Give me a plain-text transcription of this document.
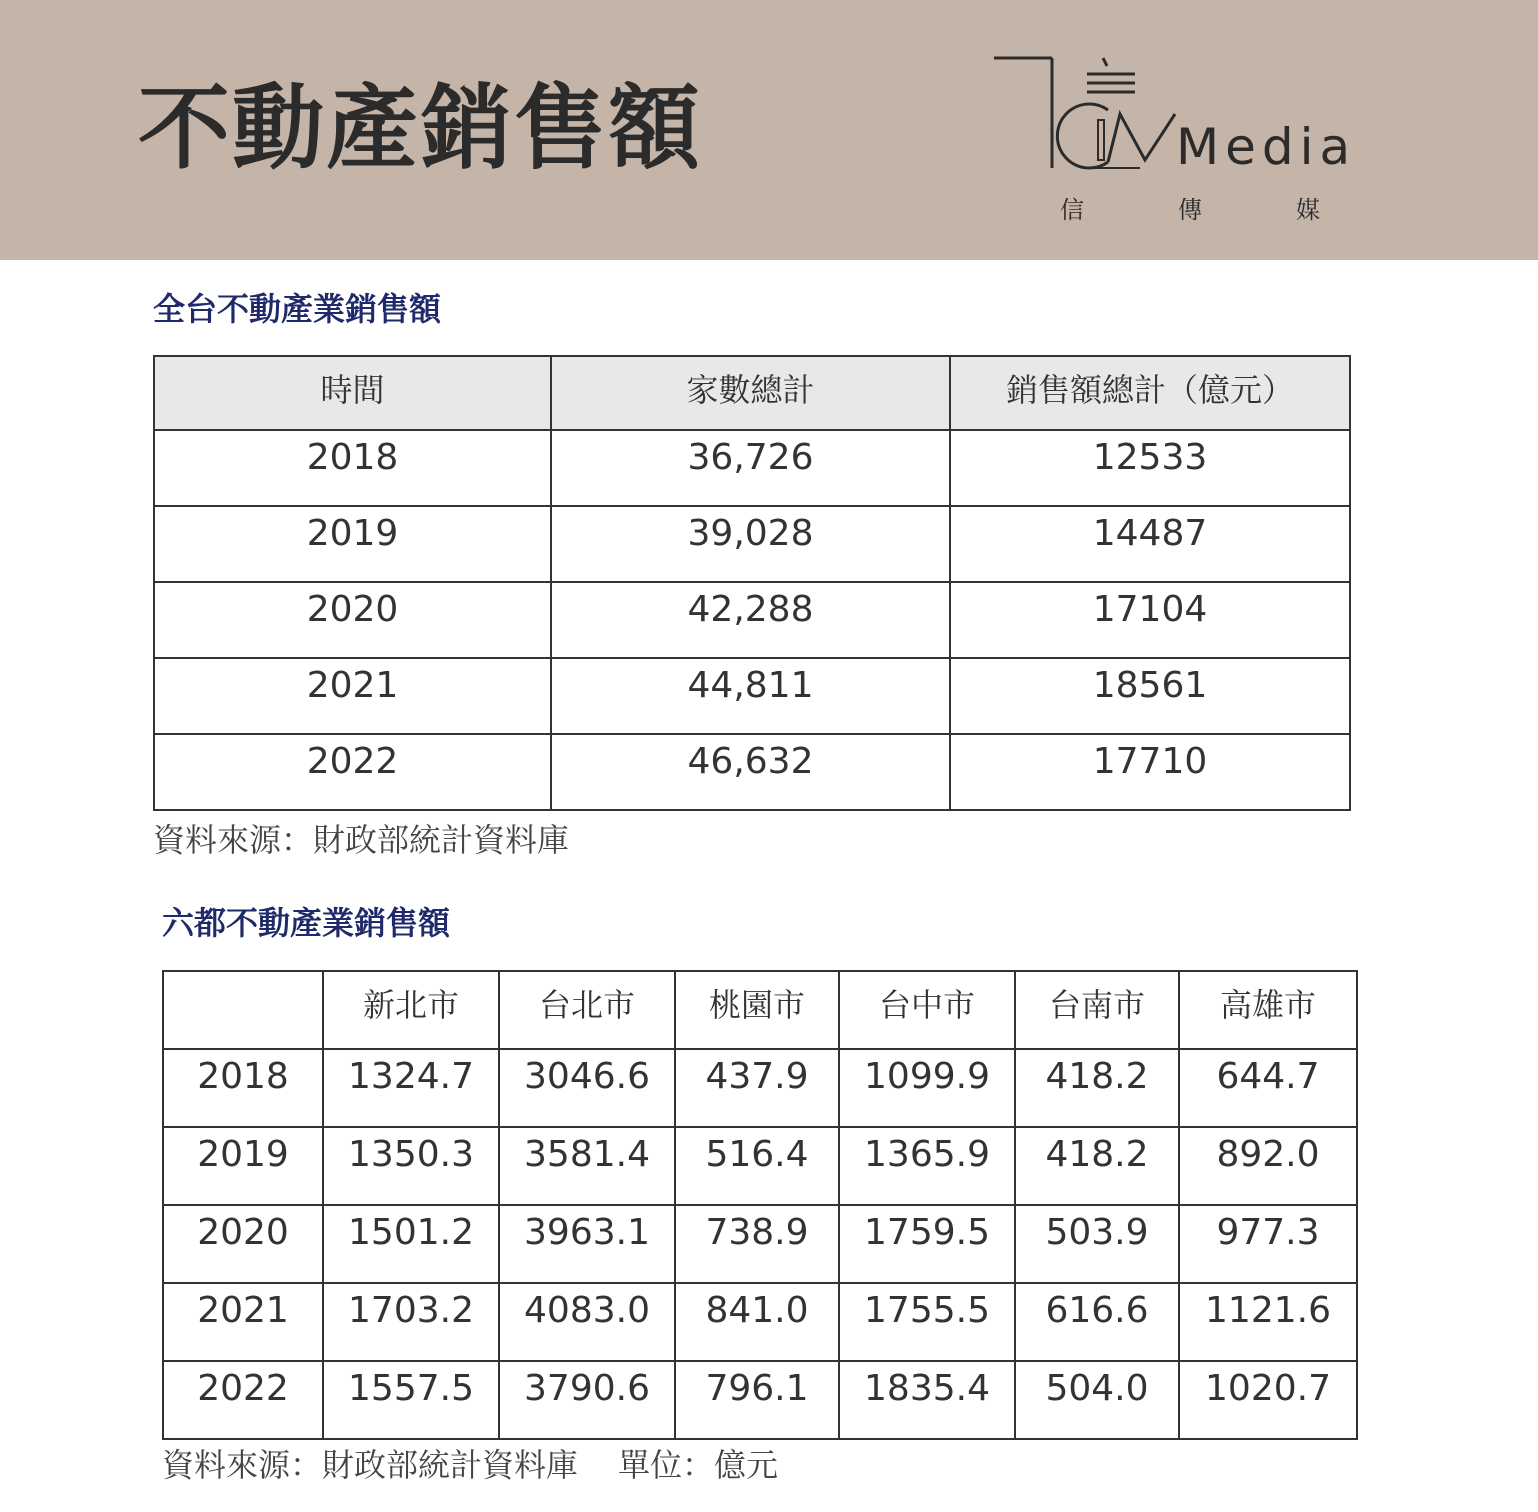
不動產銷售額	Media
信	傳	媒
全台不動產業銷售額
時間	家數總計	銷售額總計（億元）
2018	36,726	12533
2019	39,028	14487
2020	42,288	17104
2021	44,811	18561
2022	46,632	17710
資料來源：財政部統計資料庫
六都不動產業銷售額
	新北市	台北市	桃園市	台中市	台南市	高雄市
2018	1324.7	3046.6	437.9	1099.9	418.2	644.7
2019	1350.3	3581.4	516.4	1365.9	418.2	892.0
2020	1501.2	3963.1	738.9	1759.5	503.9	977.3
2021	1703.2	4083.0	841.0	1755.5	616.6	1121.6
2022	1557.5	3790.6	796.1	1835.4	504.0	1020.7
資料來源：財政部統計資料庫 單位：億元
